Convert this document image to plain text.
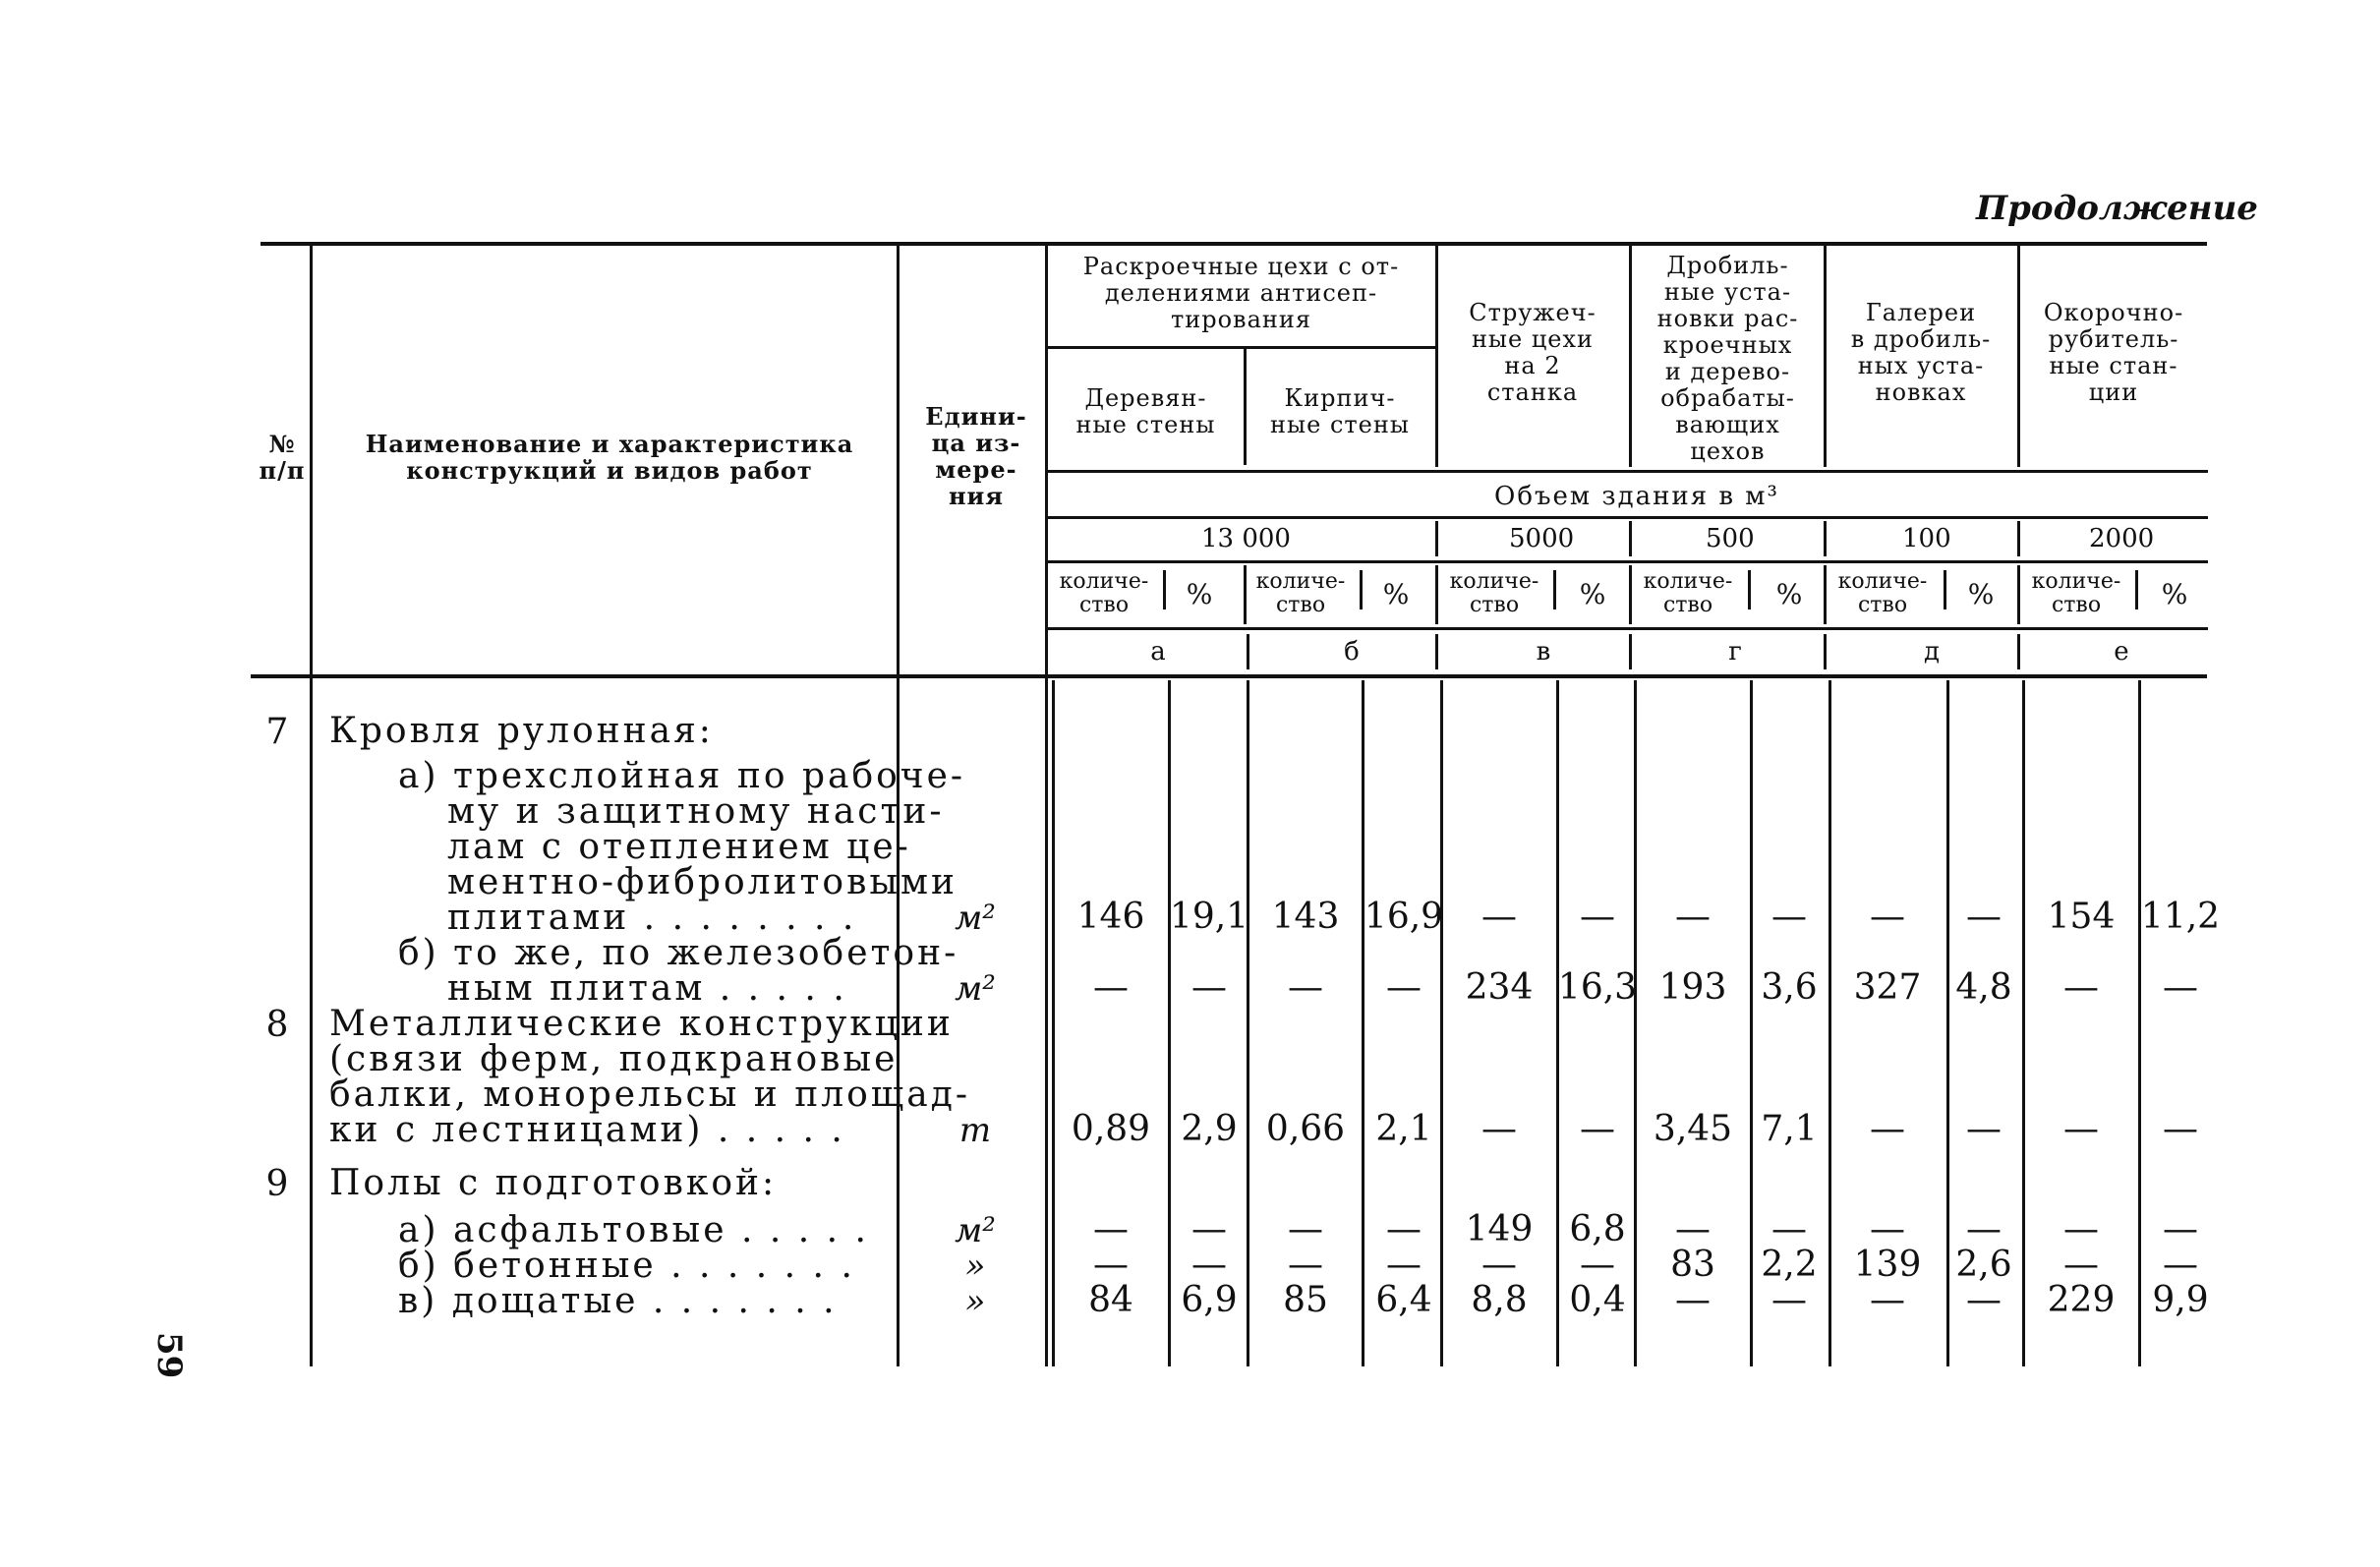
Продолжение
№
п/п
Наименование и характеристика
конструкций и видов работ
Едини-
ца из-
мере-
ния
Раскроечные цехи с от-
делениями антисеп-
тирования
Деревян-
ные стены
Кирпич-
ные стены
Стружеч-
ные цехи
на 2
станка
Дробиль-
ные уста-
новки рас-
кроечных
и дерево-
обрабаты-
вающих
цехов
Галереи
в дробиль-
ных уста-
новках
Окорочно-
рубитель-
ные стан-
ции
Объем здания в м³
13 000	5000	500	100	2000
количе-
ство	%	количе-
ство	%	количе-
ство	%	количе-
ство	%	количе-
ство	%	количе-
ство	%
а	б	в	г	д	е
59
7 Кровля рулонная:
а) трехслойная по рабоче-
му и защитному насти-
лам с отеплением це-
ментно-фибролитовыми
плитами . . . . . . . .	м²	146 19,1 143 16,9	—	—	—	—	—	—	154 11,2
б) то же, по железобетон-
ным плитам . . . . .	м²	—	—	—	—	234 16,3 193 3,6	327 4,8	—	—
8 Металлические конструкции
(связи ферм, подкрановые
балки, монорельсы и площад-
ки с лестницами) . . . . .	т	0,89 2,9 0,66 2,1	—	—	3,45 7,1	—	—	—	—
9 Полы с подготовкой:
а) асфальтовые . . . . .	м²	—	—	—	—	149	6,8	—	—	—	—	—	—
б) бетонные . . . . . . .	»	—	—	—	—	—	—	83	2,2	139 2,6	—	—
в) дощатые . . . . . . .	»	84	6,9	85	6,4	8,8	0,4	—	—	—	—	229	9,9
